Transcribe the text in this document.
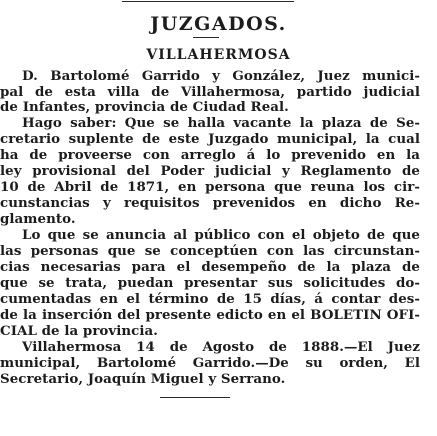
JUZGADOS.
VILLAHERMOSA
D. Bartolomé Garrido y González, Juez munici-
pal de esta villa de Villahermosa, partido judicial
de Infantes, provincia de Ciudad Real.
Hago saber: Que se halla vacante la plaza de Se-
cretario suplente de este Juzgado municipal, la cual
ha de proveerse con arreglo á lo prevenido en la
ley provisional del Poder judicial y Reglamento de
10 de Abril de 1871, en persona que reuna los cir-
cunstancias y requisitos prevenidos en dicho Re-
glamento.
Lo que se anuncia al público con el objeto de que
las personas que se conceptúen con las circunstan-
cias necesarias para el desempeño de la plaza de
que se trata, puedan presentar sus solicitudes do-
cumentadas en el término de 15 días, á contar des-
de la inserción del presente edicto en el BOLETIN OFI-
CIAL de la provincia.
Villahermosa 14 de Agosto de 1888.—El Juez
municipal, Bartolomé Garrido.—De su orden, El
Secretario, Joaquín Miguel y Serrano.
